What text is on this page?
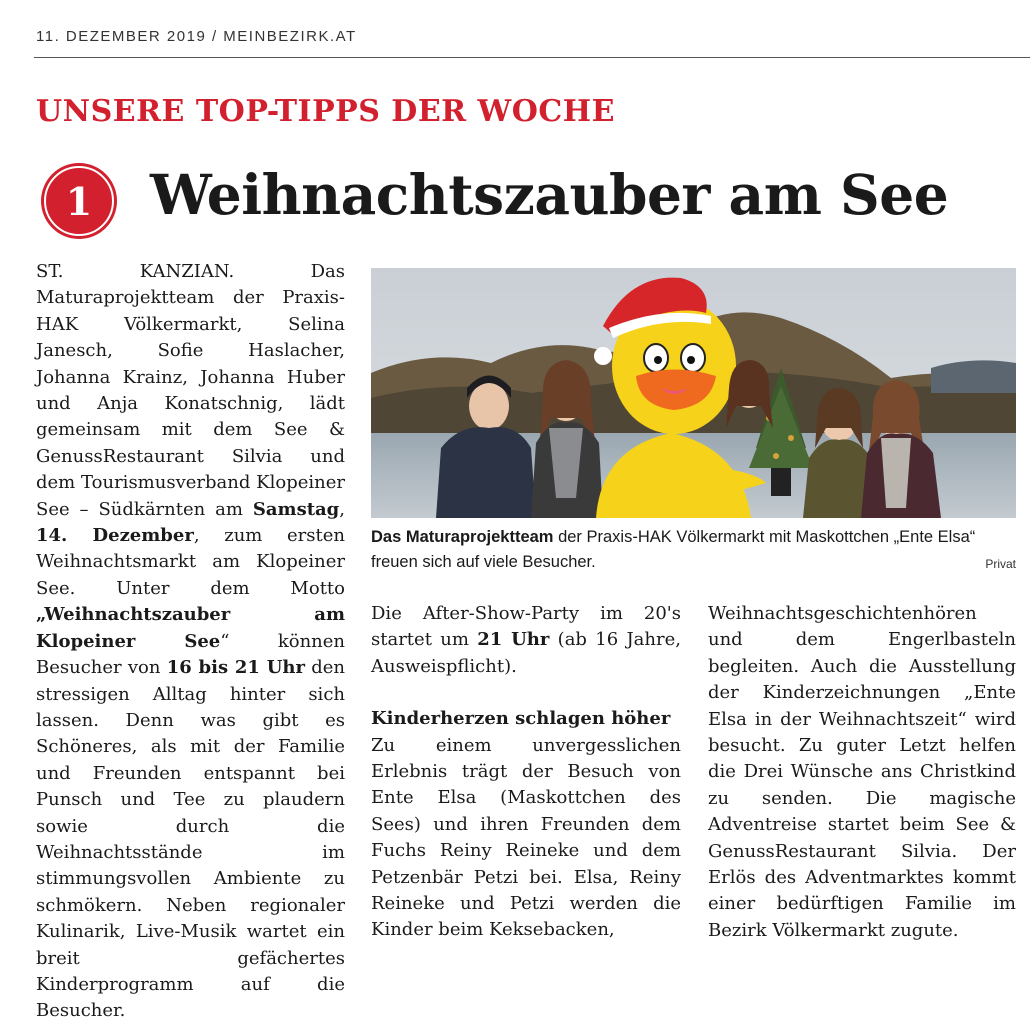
11. DEZEMBER 2019 / MEINBEZIRK.AT
UNSERE TOP-TIPPS DER WOCHE
1	Weihnachtszauber am See

ST. KANZIAN. Das Maturaprojektteam der Praxis-HAK Völkermarkt, Selina Janesch, Sofie Haslacher, Johanna Krainz, Johanna Huber und Anja Konatschnig, lädt gemeinsam mit dem See & GenussRestaurant Silvia und dem Tourismusverband Klopeiner See – Südkärnten am Samstag, 14. Dezember, zum ersten Weihnachtsmarkt am Klopeiner See. Unter dem Motto „Weihnachtszauber am Klopeiner See“ können Besucher von 16 bis 21 Uhr den stressigen Alltag hinter sich lassen. Denn was gibt es Schöneres, als mit der Familie und Freunden entspannt bei Punsch und Tee zu plaudern sowie durch die Weihnachtsstände im stimmungsvollen Ambiente zu schmökern. Neben regionaler Kulinarik, Live-Musik wartet ein breit gefächertes Kinderprogramm auf die Besucher.

Das Maturaprojektteam der Praxis-HAK Völkermarkt mit Maskottchen „Ente Elsa“ freuen sich auf viele Besucher.	Privat

Die After-Show-Party im 20's startet um 21 Uhr (ab 16 Jahre, Ausweispflicht).

Kinderherzen schlagen höher

Zu einem unvergesslichen Erlebnis trägt der Besuch von Ente Elsa (Maskottchen des Sees) und ihren Freunden dem Fuchs Reiny Reineke und dem Petzenbär Petzi bei. Elsa, Reiny Reineke und Petzi werden die Kinder beim Keksebacken,

Weihnachtsgeschichtenhören und dem Engerlbasteln begleiten. Auch die Ausstellung der Kinderzeichnungen „Ente Elsa in der Weihnachtszeit“ wird besucht. Zu guter Letzt helfen die Drei Wünsche ans Christkind zu senden. Die magische Adventreise startet beim See & GenussRestaurant Silvia. Der Erlös des Adventmarktes kommt einer bedürftigen Familie im Bezirk Völkermarkt zugute.
